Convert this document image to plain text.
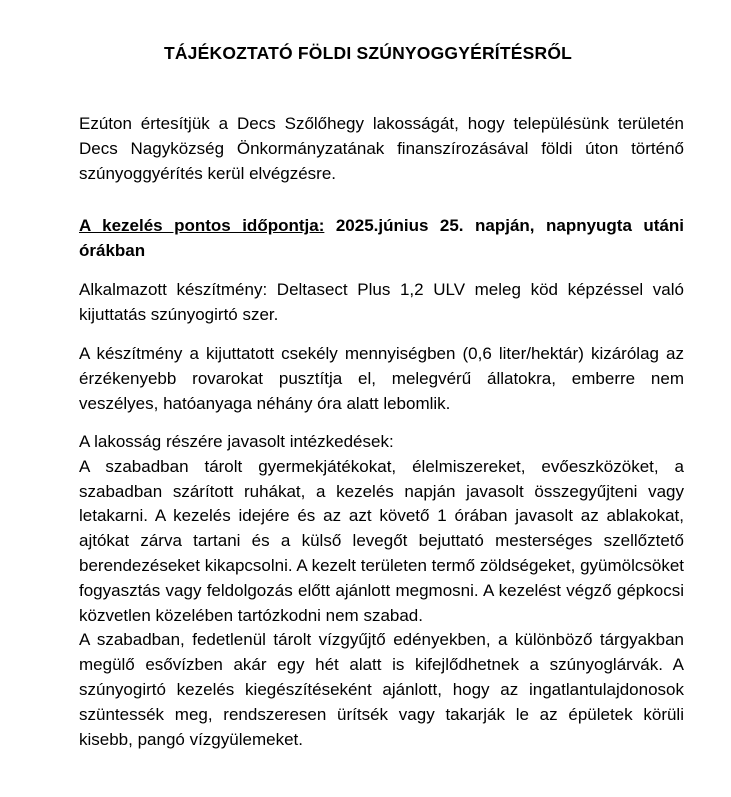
TÁJÉKOZTATÓ FÖLDI SZÚNYOGGYÉRÍTÉSRŐL

Ezúton értesítjük a Decs Szőlőhegy lakosságát, hogy településünk területén Decs Nagyközség Önkormányzatának finanszírozásával földi úton történő szúnyoggyérítés kerül elvégzésre.

A kezelés pontos időpontja: 2025.június 25. napján, napnyugta utáni órákban

Alkalmazott készítmény: Deltasect Plus 1,2 ULV meleg köd képzéssel való kijuttatás szúnyogirtó szer.

A készítmény a kijuttatott csekély mennyiségben (0,6 liter/hektár) kizárólag az érzékenyebb rovarokat pusztítja el, melegvérű állatokra, emberre nem veszélyes, hatóanyaga néhány óra alatt lebomlik.

A lakosság részére javasolt intézkedések:

A szabadban tárolt gyermekjátékokat, élelmiszereket, evőeszközöket, a szabadban szárított ruhákat, a kezelés napján javasolt összegyűjteni vagy letakarni. A kezelés idejére és az azt követő 1 órában javasolt az ablakokat, ajtókat zárva tartani és a külső levegőt bejuttató mesterséges szellőztető berendezéseket kikapcsolni. A kezelt területen termő zöldségeket, gyümölcsöket fogyasztás vagy feldolgozás előtt ajánlott megmosni. A kezelést végző gépkocsi közvetlen közelében tartózkodni nem szabad.

A szabadban, fedetlenül tárolt vízgyűjtő edényekben, a különböző tárgyakban megülő esővízben akár egy hét alatt is kifejlődhetnek a szúnyoglárvák. A szúnyogirtó kezelés kiegészítéseként ajánlott, hogy az ingatlantulajdonosok szüntessék meg, rendszeresen ürítsék vagy takarják le az épületek körüli kisebb, pangó vízgyülemeket.
